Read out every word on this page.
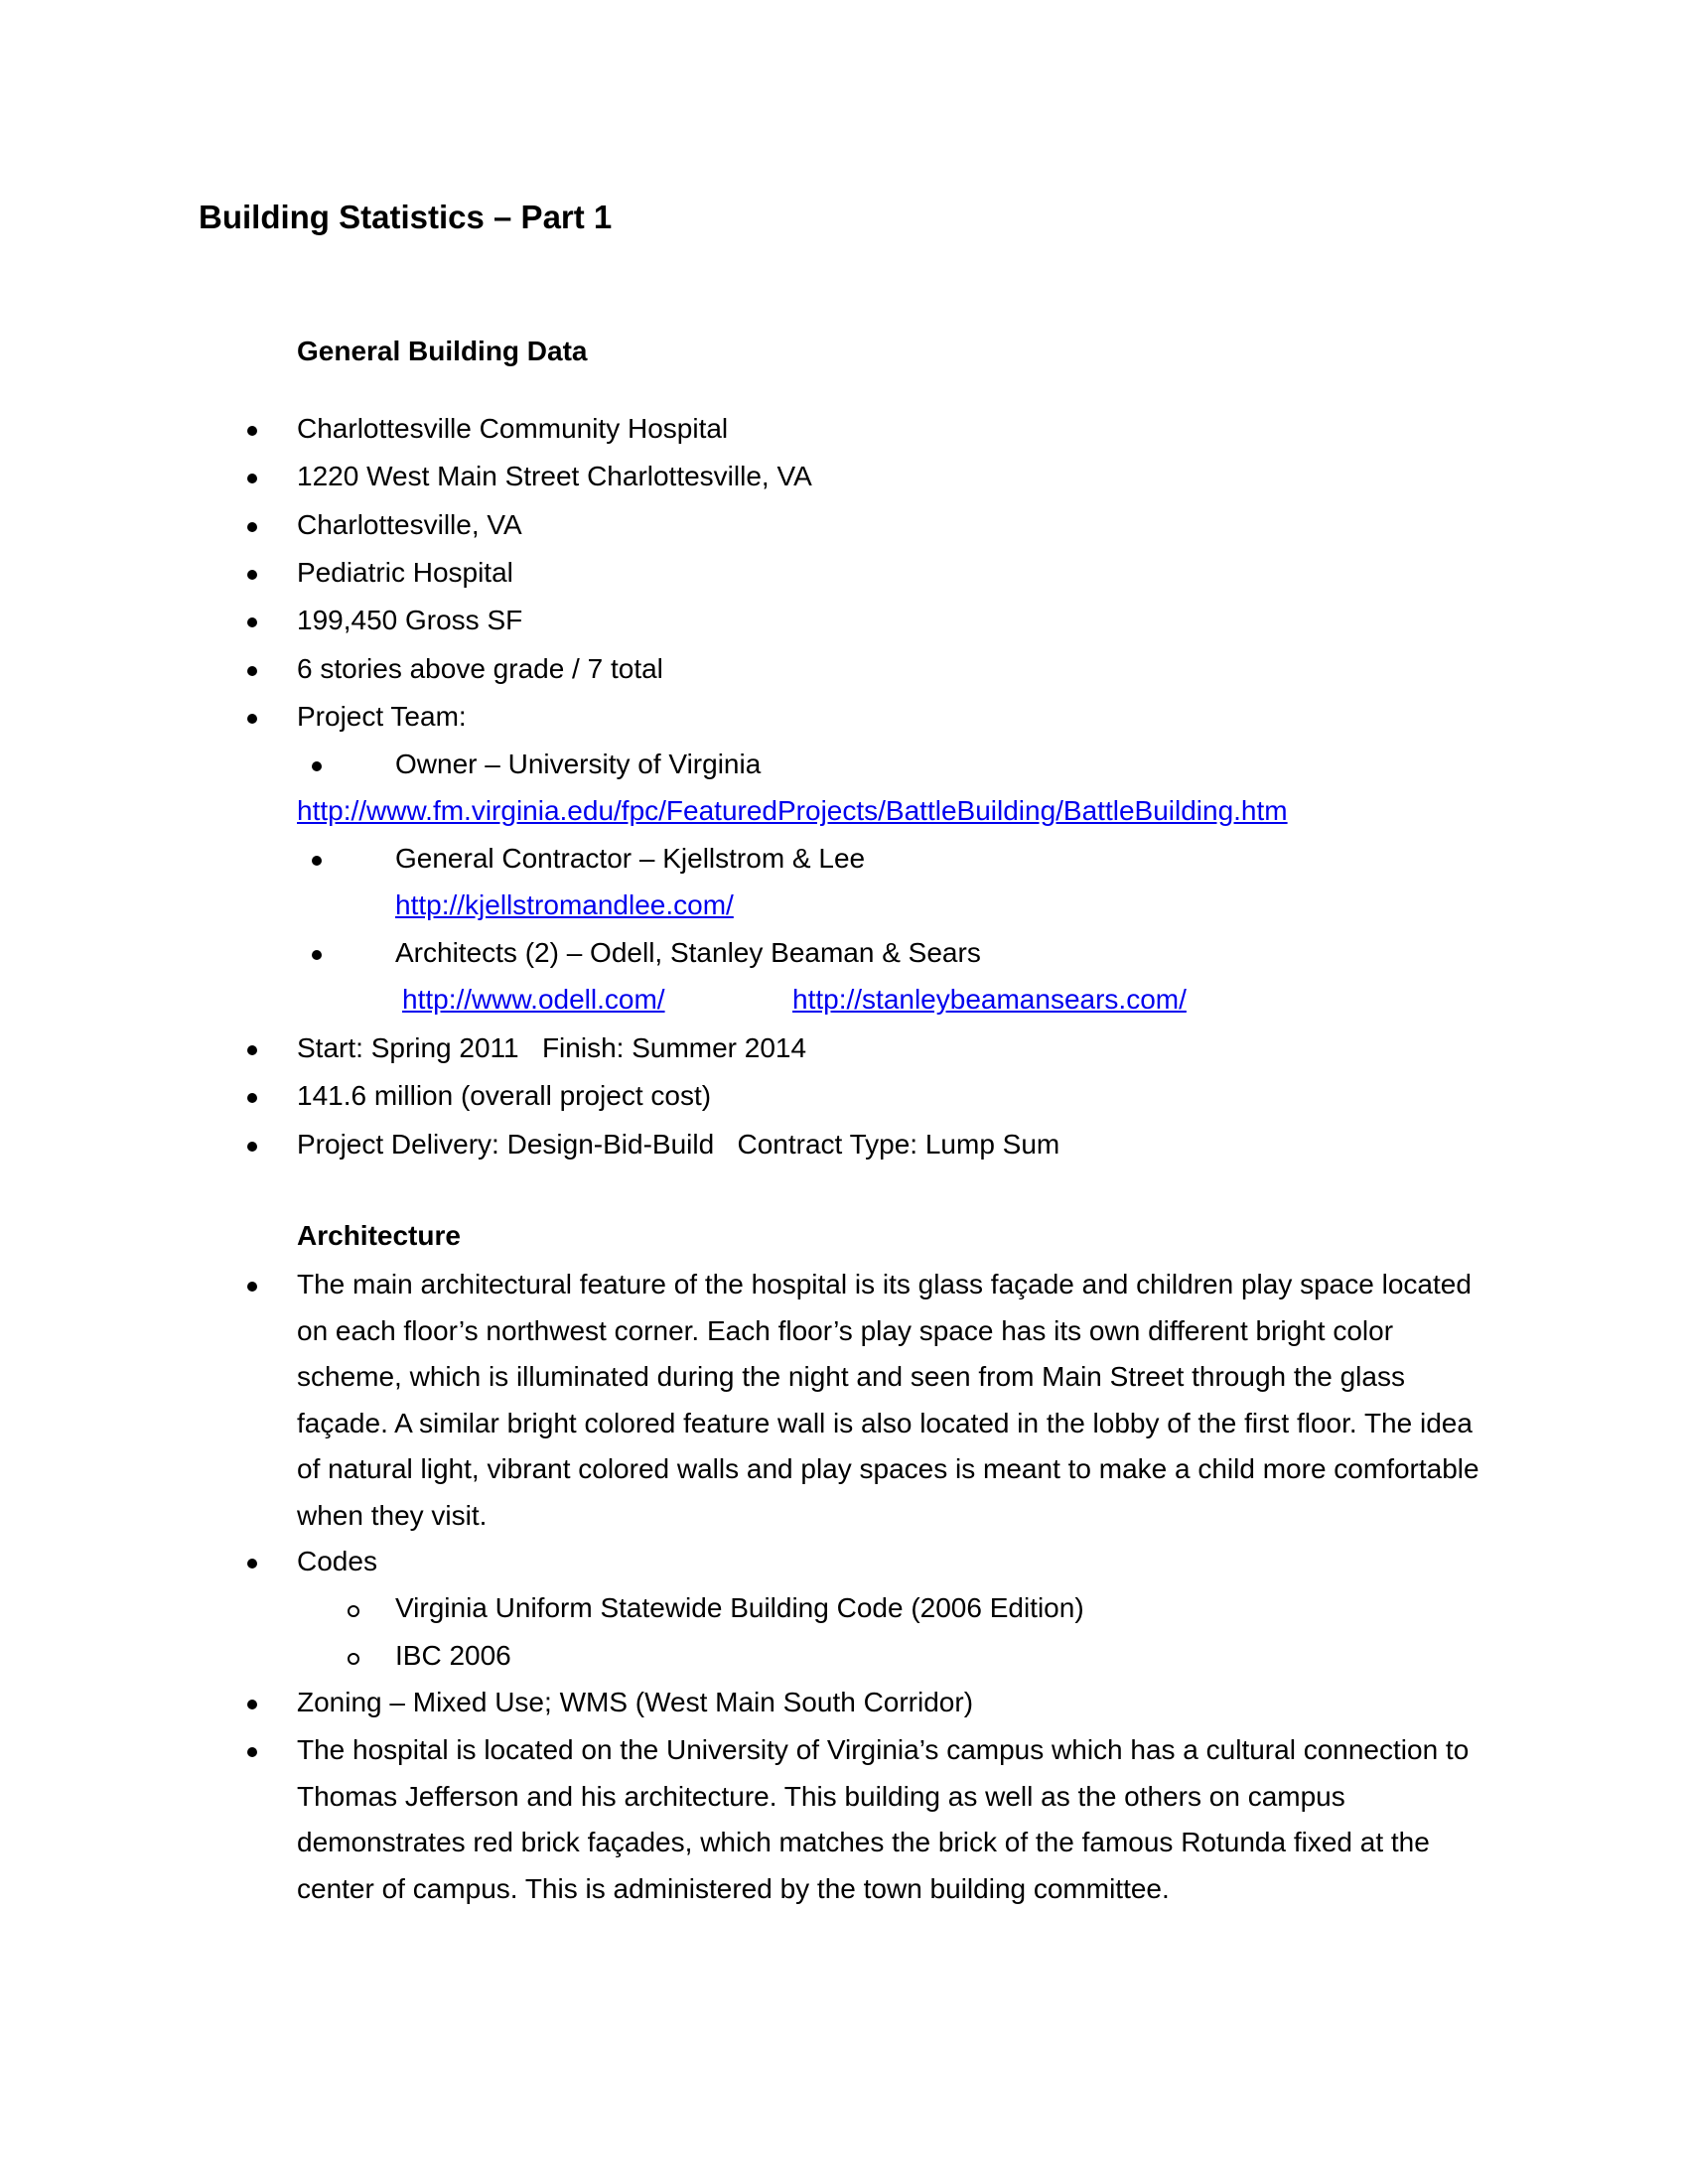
Building Statistics – Part 1
General Building Data

Charlottesville Community Hospital

1220 West Main Street Charlottesville, VA

Charlottesville, VA

Pediatric Hospital

199,450 Gross SF

6 stories above grade / 7 total

Project Team:

Owner – University of Virginia

http://www.fm.virginia.edu/fpc/FeaturedProjects/BattleBuilding/BattleBuilding.htm

General Contractor – Kjellstrom & Lee

http://kjellstromandlee.com/

Architects (2) – Odell, Stanley Beaman & Sears

http://www.odell.com/	http://stanleybeamansears.com/

Start: Spring 2011   Finish: Summer 2014

141.6 million (overall project cost)

Project Delivery: Design-Bid-Build   Contract Type: Lump Sum

Architecture

The main architectural feature of the hospital is its glass façade and children play space located on each floor’s northwest corner. Each floor’s play space has its own different bright color scheme, which is illuminated during the night and seen from Main Street through the glass façade. A similar bright colored feature wall is also located in the lobby of the first floor. The idea of natural light, vibrant colored walls and play spaces is meant to make a child more comfortable when they visit.

Codes

Virginia Uniform Statewide Building Code (2006 Edition)

IBC 2006

Zoning – Mixed Use; WMS (West Main South Corridor)

The hospital is located on the University of Virginia’s campus which has a cultural connection to Thomas Jefferson and his architecture. This building as well as the others on campus demonstrates red brick façades, which matches the brick of the famous Rotunda fixed at the center of campus. This is administered by the town building committee.
